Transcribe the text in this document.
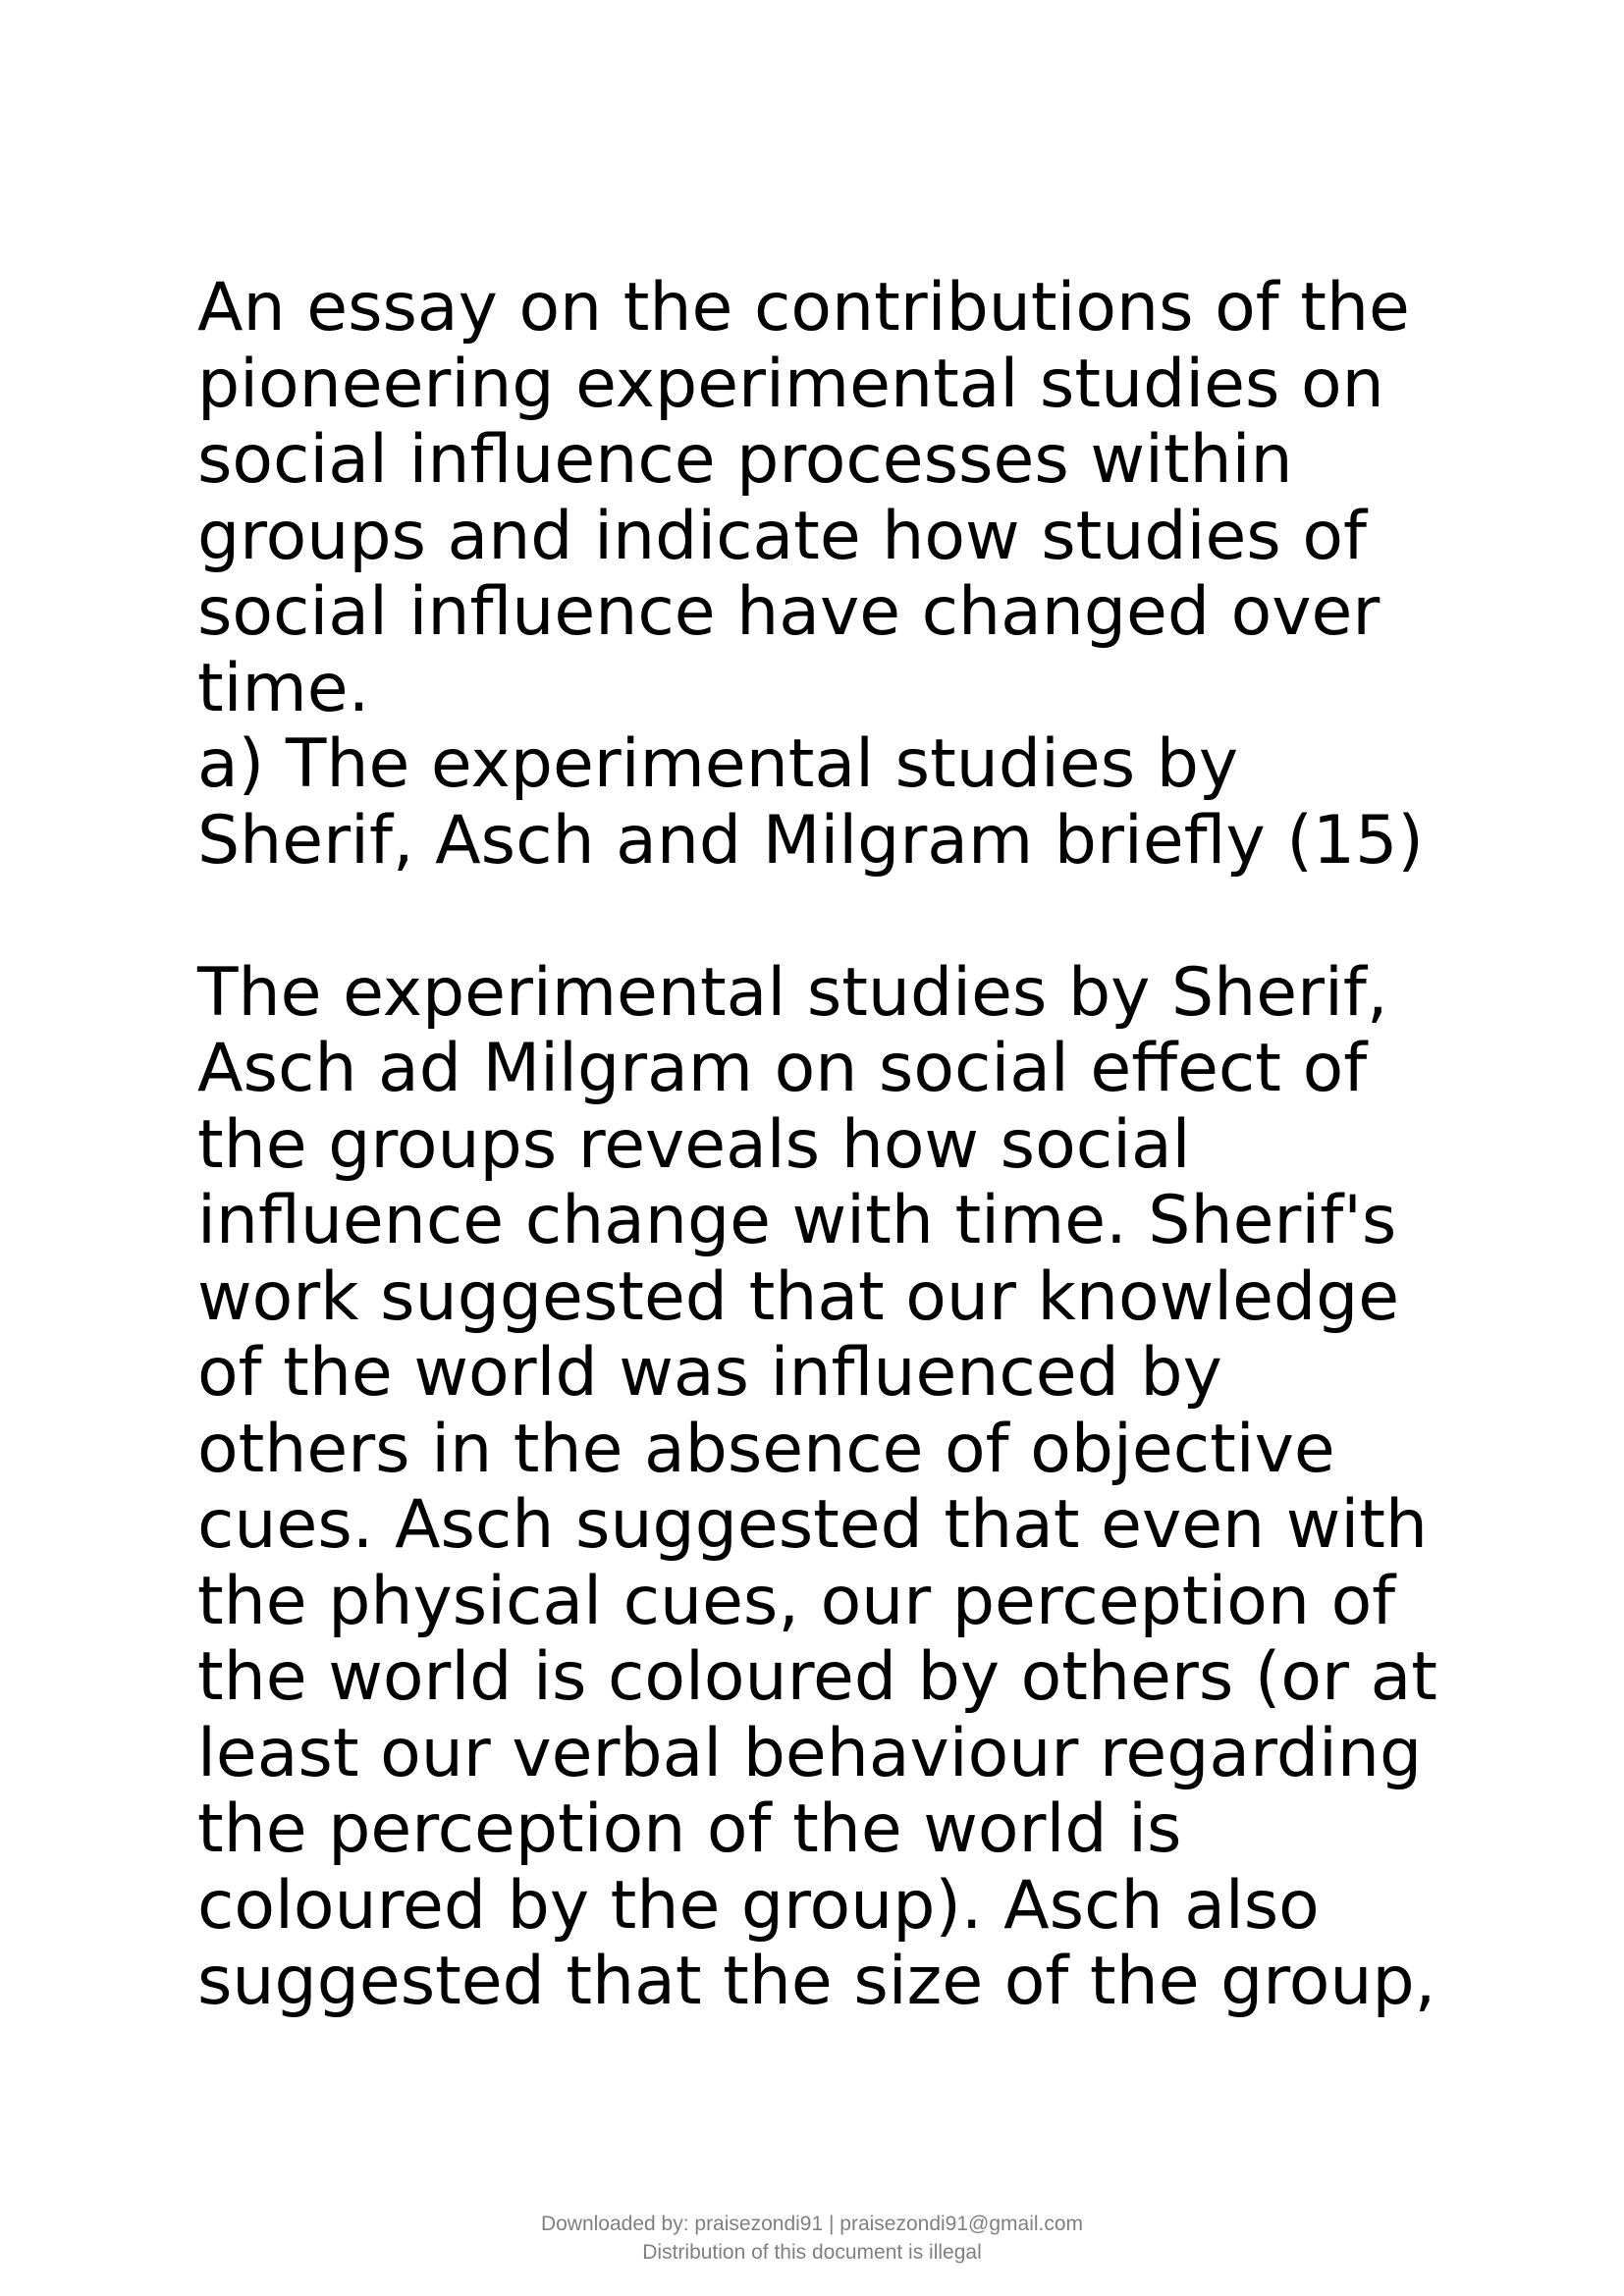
An essay on the contributions of the
pioneering experimental studies on
social influence processes within
groups and indicate how studies of
social influence have changed over
time.
a) The experimental studies by
Sherif, Asch and Milgram briefly (15)
The experimental studies by Sherif,
Asch ad Milgram on social effect of
the groups reveals how social
influence change with time. Sherif's
work suggested that our knowledge
of the world was influenced by
others in the absence of objective
cues. Asch suggested that even with
the physical cues, our perception of
the world is coloured by others (or at
least our verbal behaviour regarding
the perception of the world is
coloured by the group). Asch also
suggested that the size of the group,
Downloaded by: praisezondi91 | praisezondi91@gmail.com
Distribution of this document is illegal
